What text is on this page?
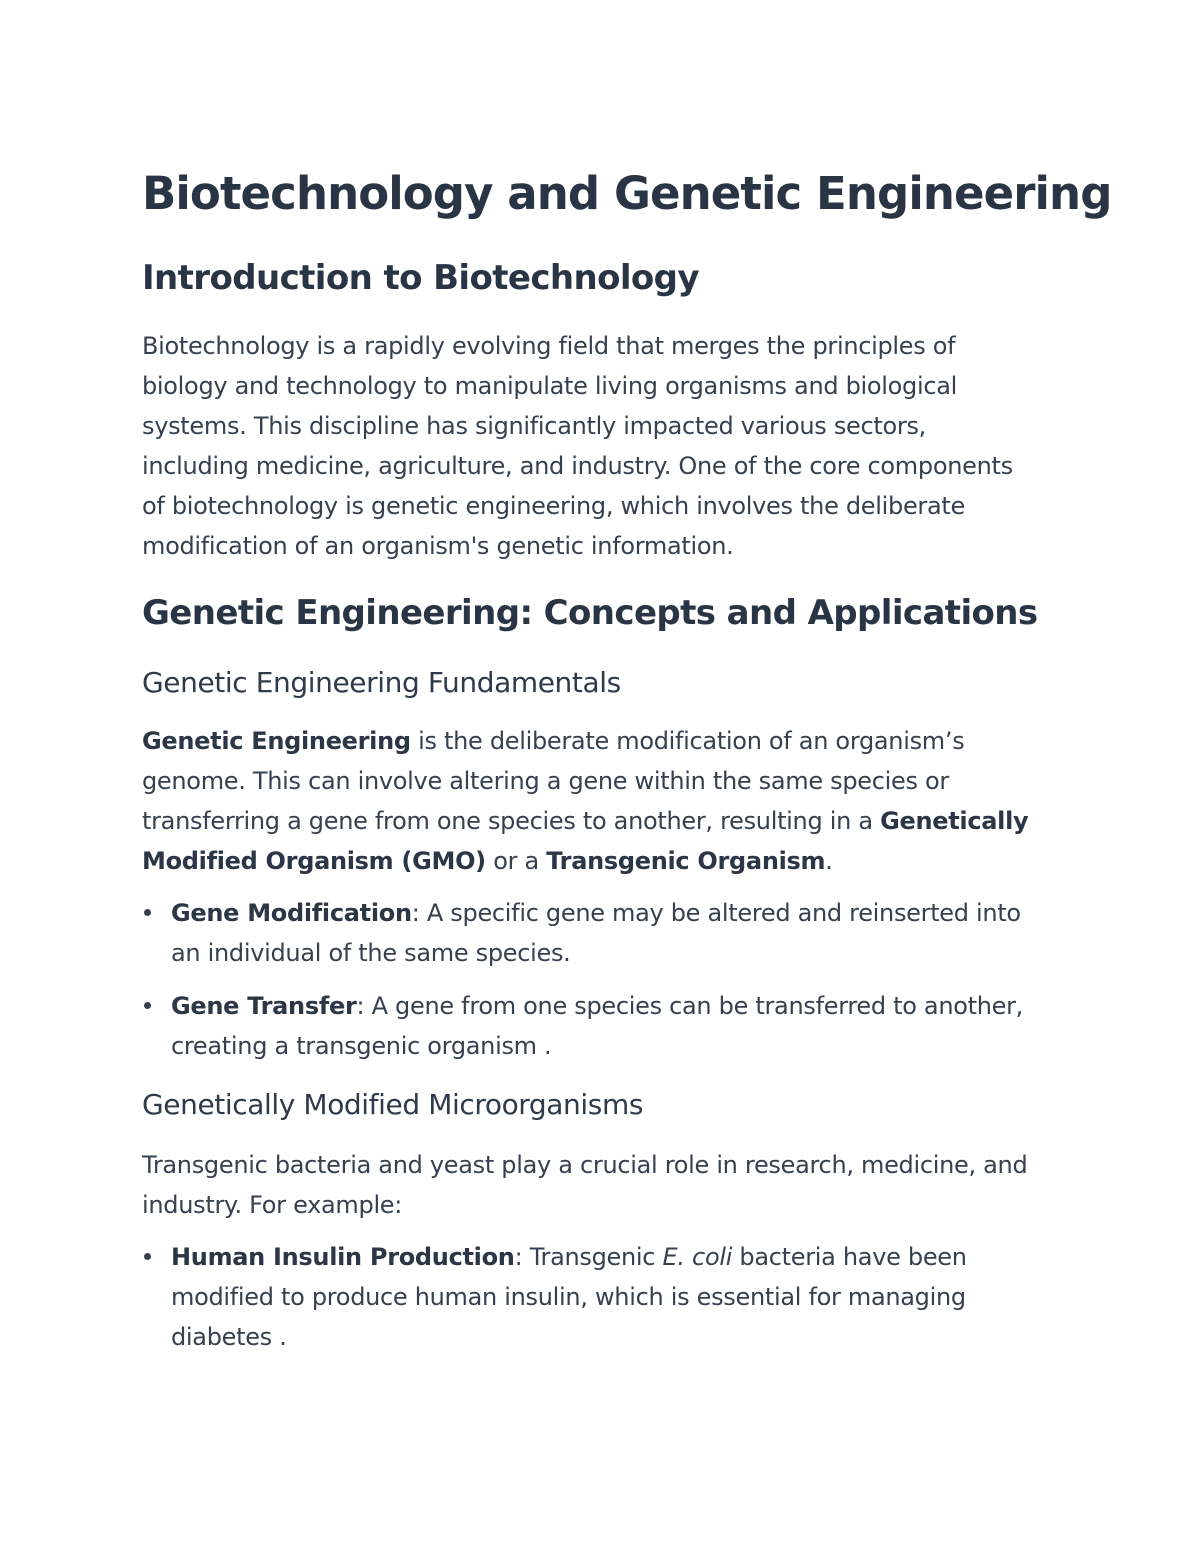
Biotechnology and Genetic Engineering
Introduction to Biotechnology

Biotechnology is a rapidly evolving field that merges the principles of
biology and technology to manipulate living organisms and biological
systems. This discipline has significantly impacted various sectors,
including medicine, agriculture, and industry. One of the core components
of biotechnology is genetic engineering, which involves the deliberate
modification of an organism's genetic information.

Genetic Engineering: Concepts and Applications
Genetic Engineering Fundamentals

Genetic Engineering is the deliberate modification of an organism’s
genome. This can involve altering a gene within the same species or
transferring a gene from one species to another, resulting in a Genetically
Modified Organism (GMO) or a Transgenic Organism.

Gene Modification: A specific gene may be altered and reinserted into
an individual of the same species.
Gene Transfer: A gene from one species can be transferred to another,
creating a transgenic organism .
Genetically Modified Microorganisms

Transgenic bacteria and yeast play a crucial role in research, medicine, and
industry. For example:

Human Insulin Production: Transgenic E. coli bacteria have been
modified to produce human insulin, which is essential for managing
diabetes .
